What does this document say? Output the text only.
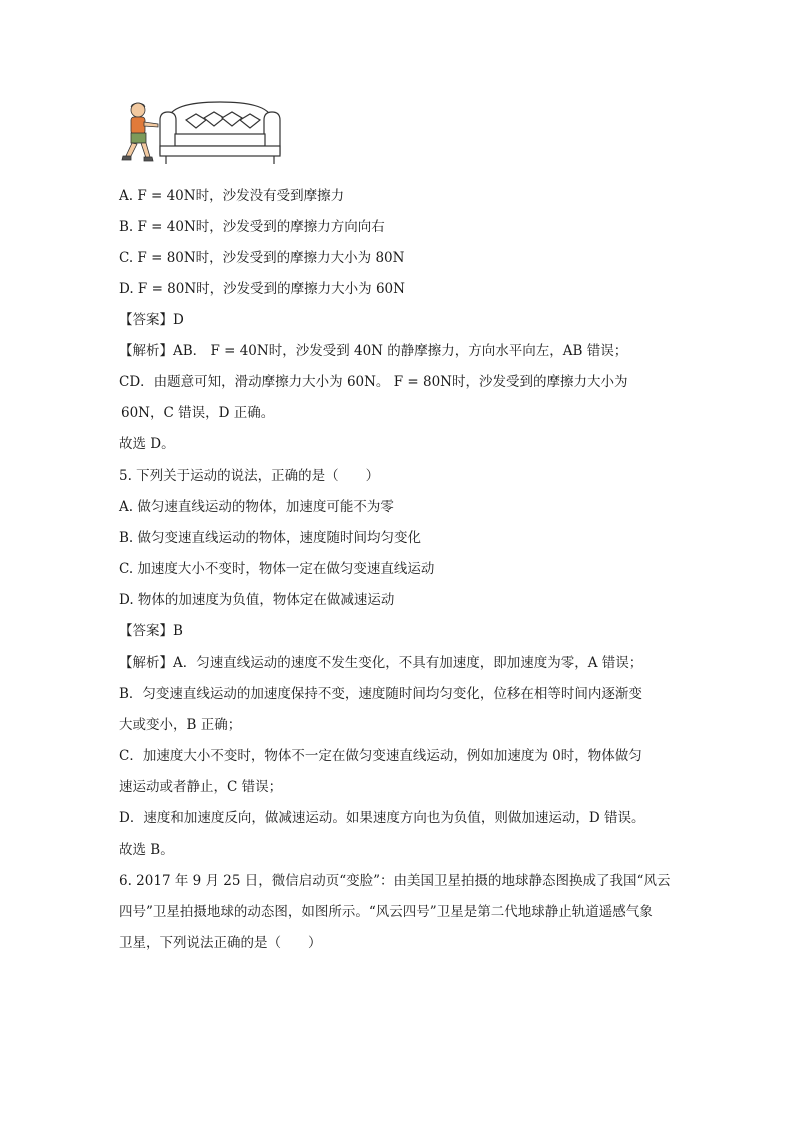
A. F = 40N时，沙发没有受到摩擦力
B. F = 40N时，沙发受到的摩擦力方向向右
C. F = 80N时，沙发受到的摩擦力大小为 80N
D. F = 80N时，沙发受到的摩擦力大小为 60N
【答案】D
【解析】AB． F = 40N时，沙发受到 40N 的静摩擦力，方向水平向左，AB 错误；
CD．由题意可知，滑动摩擦力大小为 60N。 F = 80N时，沙发受到的摩擦力大小为
60N，C 错误，D 正确。
故选 D。
5. 下列关于运动的说法，正确的是（　　）
A. 做匀速直线运动的物体，加速度可能不为零
B. 做匀变速直线运动的物体，速度随时间均匀变化
C. 加速度大小不变时，物体一定在做匀变速直线运动
D. 物体的加速度为负值，物体定在做减速运动
【答案】B
【解析】A．匀速直线运动的速度不发生变化，不具有加速度，即加速度为零，A 错误；
B．匀变速直线运动的加速度保持不变，速度随时间均匀变化，位移在相等时间内逐渐变
大或变小，B 正确；
C．加速度大小不变时，物体不一定在做匀变速直线运动，例如加速度为 0时，物体做匀
速运动或者静止，C 错误；
D．速度和加速度反向，做减速运动。如果速度方向也为负值，则做加速运动，D 错误。
故选 B。
6. 2017 年 9 月 25 日，微信启动页“变脸”：由美国卫星拍摄的地球静态图换成了我国“风云
四号”卫星拍摄地球的动态图，如图所示。“风云四号”卫星是第二代地球静止轨道遥感气象
卫星，下列说法正确的是（　　）
